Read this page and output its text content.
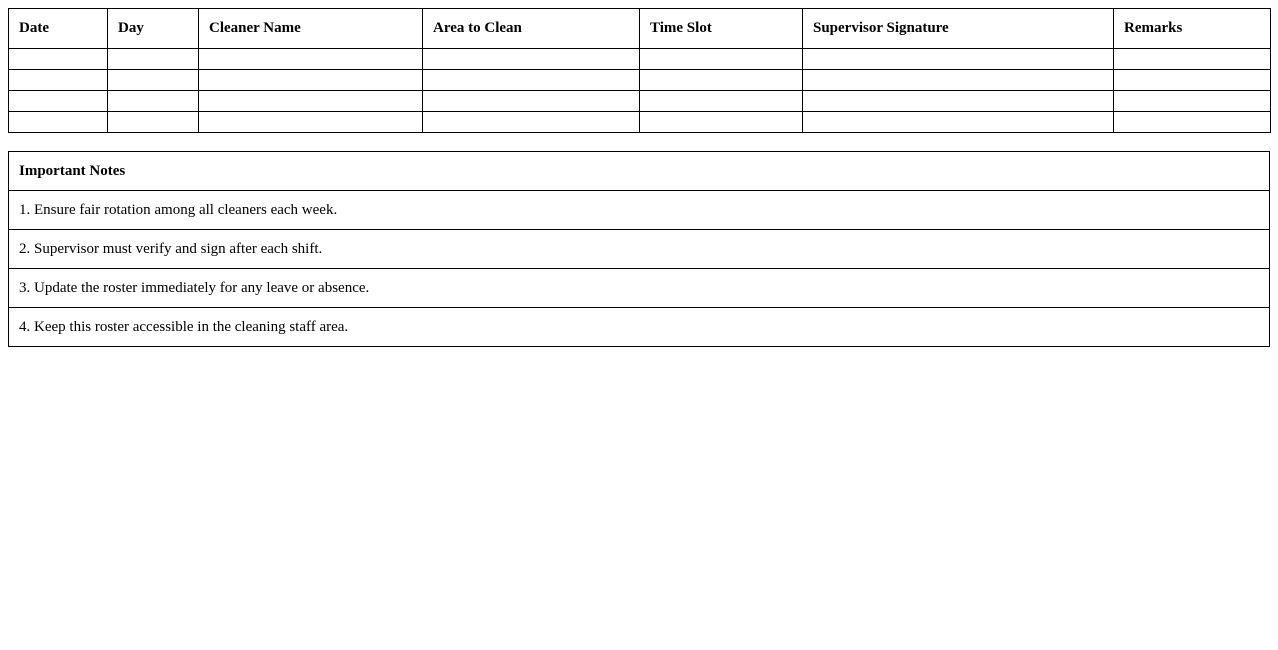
Date	Day	Cleaner Name	Area to Clean	Time Slot	Supervisor Signature	Remarks

Important Notes
1. Ensure fair rotation among all cleaners each week.
2. Supervisor must verify and sign after each shift.
3. Update the roster immediately for any leave or absence.
4. Keep this roster accessible in the cleaning staff area.
